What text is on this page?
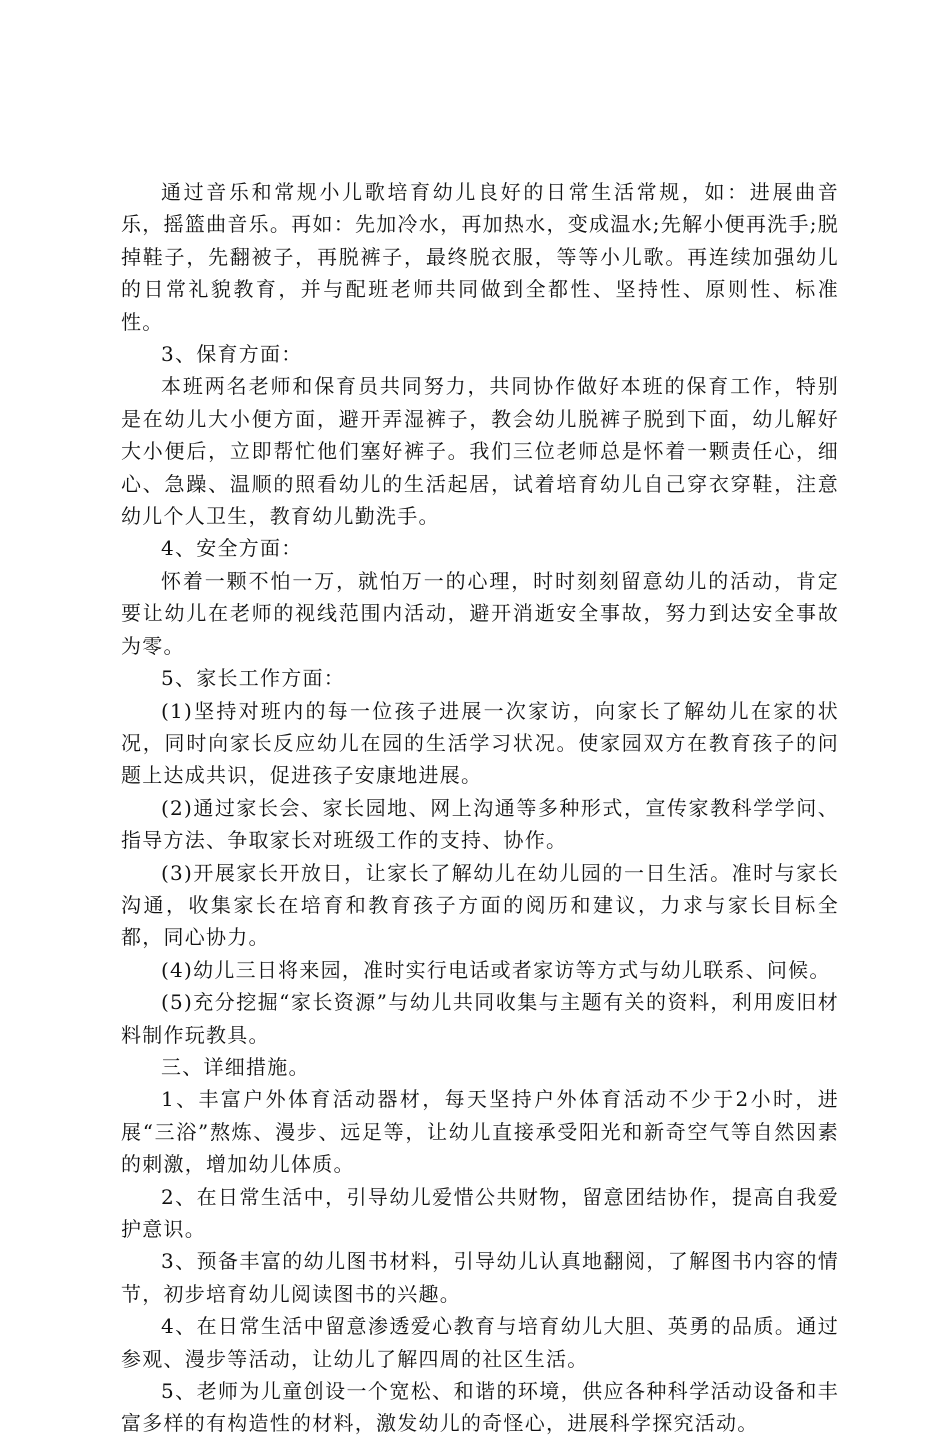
通过音乐和常规小儿歌培育幼儿良好的日常生活常规，如：进展曲音乐，摇篮曲音乐。再如：先加冷水，再加热水，变成温水;先解小便再洗手;脱掉鞋子，先翻被子，再脱裤子，最终脱衣服，等等小儿歌。再连续加强幼儿的日常礼貌教育，并与配班老师共同做到全都性、坚持性、原则性、标准性。

3、保育方面：

本班两名老师和保育员共同努力，共同协作做好本班的保育工作，特别是在幼儿大小便方面，避开弄湿裤子，教会幼儿脱裤子脱到下面，幼儿解好大小便后，立即帮忙他们塞好裤子。我们三位老师总是怀着一颗责任心，细心、急躁、温顺的照看幼儿的生活起居，试着培育幼儿自己穿衣穿鞋，注意幼儿个人卫生，教育幼儿勤洗手。

4、安全方面：

怀着一颗不怕一万，就怕万一的心理，时时刻刻留意幼儿的活动，肯定要让幼儿在老师的视线范围内活动，避开消逝安全事故，努力到达安全事故为零。

5、家长工作方面：

(1)坚持对班内的每一位孩子进展一次家访，向家长了解幼儿在家的状况，同时向家长反应幼儿在园的生活学习状况。使家园双方在教育孩子的问题上达成共识，促进孩子安康地进展。

(2)通过家长会、家长园地、网上沟通等多种形式，宣传家教科学学问、指导方法、争取家长对班级工作的支持、协作。

(3)开展家长开放日，让家长了解幼儿在幼儿园的一日生活。准时与家长沟通，收集家长在培育和教育孩子方面的阅历和建议，力求与家长目标全都，同心协力。

(4)幼儿三日将来园，准时实行电话或者家访等方式与幼儿联系、问候。

(5)充分挖掘“家长资源”与幼儿共同收集与主题有关的资料，利用废旧材料制作玩教具。

三、详细措施。

1、丰富户外体育活动器材，每天坚持户外体育活动不少于2小时，进展“三浴”熬炼、漫步、远足等，让幼儿直接承受阳光和新奇空气等自然因素的刺激，增加幼儿体质。

2、在日常生活中，引导幼儿爱惜公共财物，留意团结协作，提高自我爱护意识。

3、预备丰富的幼儿图书材料，引导幼儿认真地翻阅，了解图书内容的情节，初步培育幼儿阅读图书的兴趣。

4、在日常生活中留意渗透爱心教育与培育幼儿大胆、英勇的品质。通过参观、漫步等活动，让幼儿了解四周的社区生活。

5、老师为儿童创设一个宽松、和谐的环境，供应各种科学活动设备和丰富多样的有构造性的材料，激发幼儿的奇怪心，进展科学探究活动。
